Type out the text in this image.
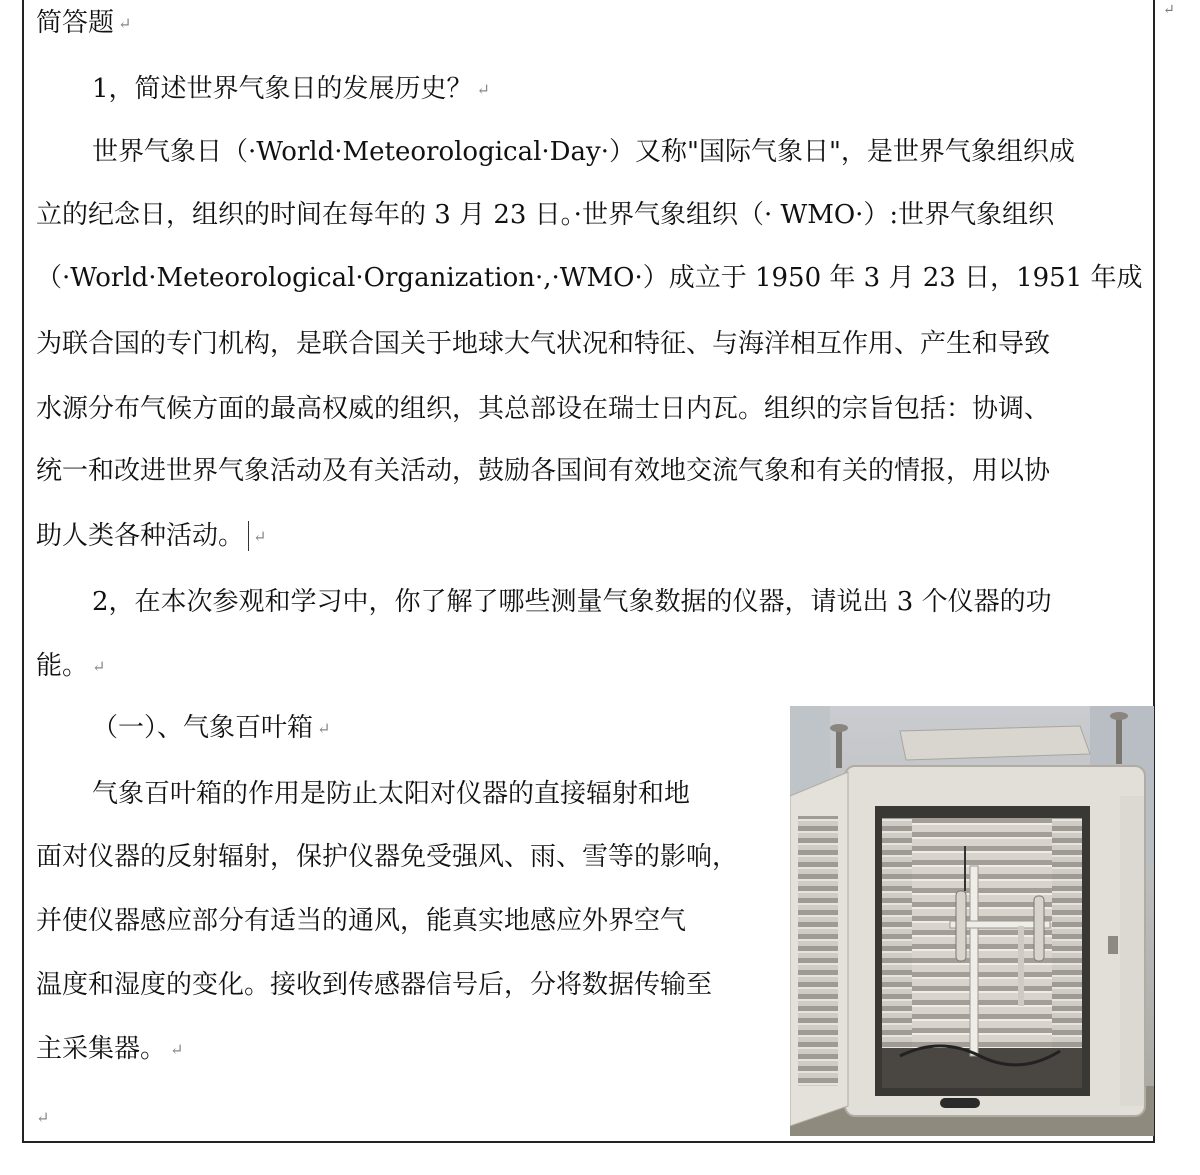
↵
简答题 ↵
1，简述世界气象日的发展历史？ ↵
世界气象日（·World·Meteorological·Day·）又称"国际气象日"，是世界气象组织成
立的纪念日，组织的时间在每年的 3 月 23 日。·世界气象组织（· WMO·）:世界气象组织
（·World·Meteorological·Organization·,·WMO·）成立于 1950 年 3 月 23 日，1951 年成
为联合国的专门机构，是联合国关于地球大气状况和特征、与海洋相互作用、产生和导致
水源分布气候方面的最高权威的组织，其总部设在瑞士日内瓦。组织的宗旨包括：协调、
统一和改进世界气象活动及有关活动，鼓励各国间有效地交流气象和有关的情报，用以协
助人类各种活动。 ↵
2，在本次参观和学习中，你了解了哪些测量气象数据的仪器，请说出 3 个仪器的功
能。 ↵
（一）、气象百叶箱 ↵
气象百叶箱的作用是防止太阳对仪器的直接辐射和地
面对仪器的反射辐射，保护仪器免受强风、雨、雪等的影响，
并使仪器感应部分有适当的通风，能真实地感应外界空气
温度和湿度的变化。接收到传感器信号后，分将数据传输至
主采集器。 ↵
↵
